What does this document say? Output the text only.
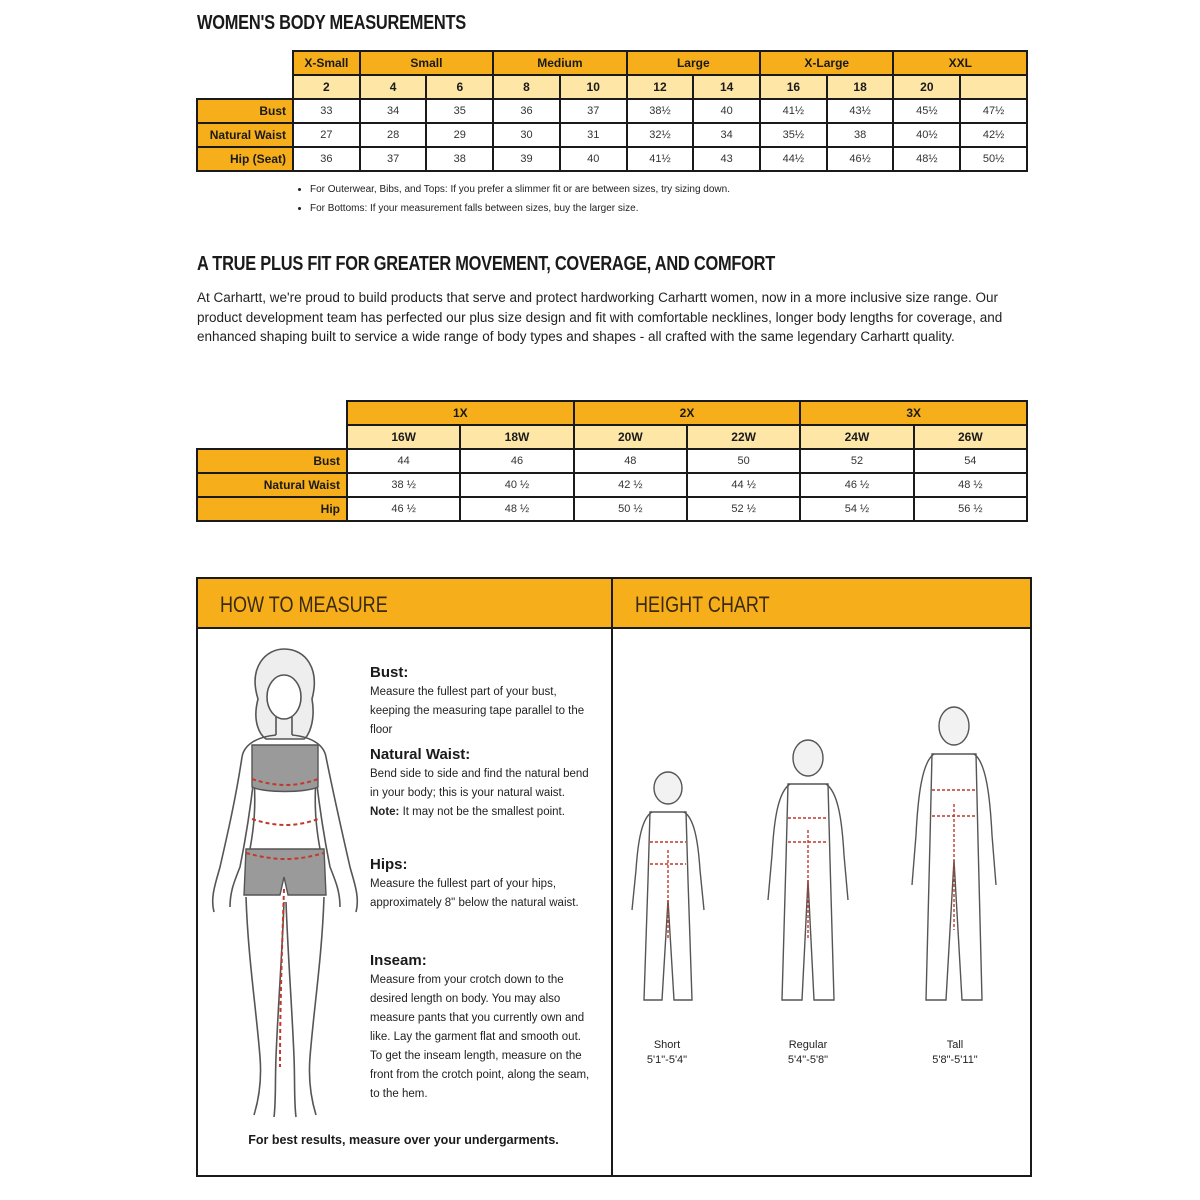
WOMEN'S BODY MEASUREMENTS
	X-Small	Small		Medium		Large		X-Large		XXL	
	2	4	6	8	10	12	14	16	18	20	
Bust	33	34	35	36	37	38½	40	41½	43½	45½	47½
Natural Waist	27	28	29	30	31	32½	34	35½	38	40½	42½
Hip (Seat)	36	37	38	39	40	41½	43	44½	46½	48½	50½
• For Outerwear, Bibs, and Tops: If you prefer a slimmer fit or are between sizes, try sizing down.
• For Bottoms: If your measurement falls between sizes, buy the larger size.
A TRUE PLUS FIT FOR GREATER MOVEMENT, COVERAGE, AND COMFORT
At Carhartt, we're proud to build products that serve and protect hardworking Carhartt women, now in a more inclusive size range. Our product development team has perfected our plus size design and fit with comfortable necklines, longer body lengths for coverage, and enhanced shaping built to service a wide range of body types and shapes - all crafted with the same legendary Carhartt quality.
	1X		2X		3X	
	16W	18W	20W	22W	24W	26W
Bust	44	46	48	50	52	54
Natural Waist	38 ½	40 ½	42 ½	44 ½	46 ½	48 ½
Hip	46 ½	48 ½	50 ½	52 ½	54 ½	56 ½
HOW TO MEASURE	HEIGHT CHART
Bust:
Measure the fullest part of your bust, keeping the measuring tape parallel to the floor
Natural Waist:
Bend side to side and find the natural bend in your body; this is your natural waist.
Note: It may not be the smallest point.
Hips:
Measure the fullest part of your hips, approximately 8" below the natural waist.
Inseam:
Measure from your crotch down to the desired length on body. You may also measure pants that you currently own and like. Lay the garment flat and smooth out. To get the inseam length, measure on the front from the crotch point, along the seam, to the hem.
For best results, measure over your undergarments.
Short
5'1"-5'4"
Regular
5'4"-5'8"
Tall
5'8"-5'11"
